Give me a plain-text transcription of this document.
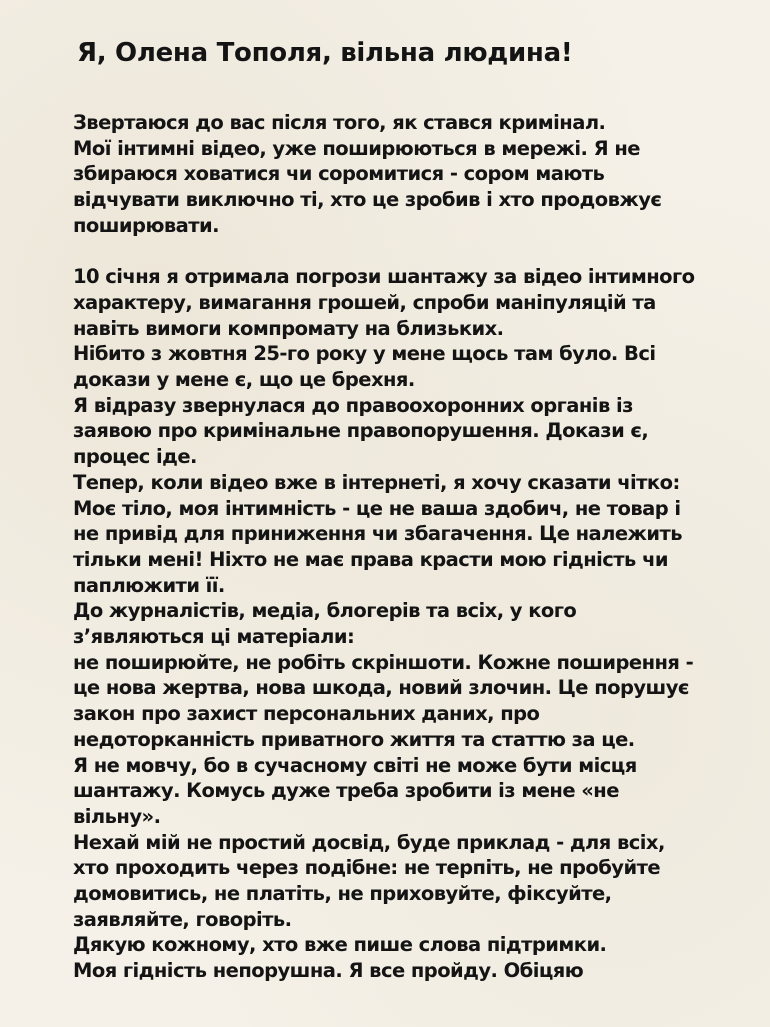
Я, Олена Тополя, вільна людина!
Звертаюся до вас після того, як стався кримінал.
Мої інтимні відео, уже поширюються в мережі. Я не
збираюся ховатися чи соромитися - сором мають
відчувати виключно ті, хто це зробив і хто продовжує
поширювати.
10 січня я отримала погрози шантажу за відео інтимного
характеру, вимагання грошей, спроби маніпуляцій та
навіть вимоги компромату на близьких.
Нібито з жовтня 25-го року у мене щось там було. Всі
докази у мене є, що це брехня.
Я відразу звернулася до правоохоронних органів із
заявою про кримінальне правопорушення. Докази є,
процес іде.
Тепер, коли відео вже в інтернеті, я хочу сказати чітко:
Моє тіло, моя інтимність - це не ваша здобич, не товар і
не привід для приниження чи збагачення. Це належить
тільки мені! Ніхто не має права красти мою гідність чи
паплюжити її.
До журналістів, медіа, блогерів та всіх, у кого
з’являються ці матеріали:
не поширюйте, не робіть скріншоти. Кожне поширення -
це нова жертва, нова шкода, новий злочин. Це порушує
закон про захист персональних даних, про
недоторканність приватного життя та статтю за це.
Я не мовчу, бо в сучасному світі не може бути місця
шантажу. Комусь дуже треба зробити із мене «не
вільну».
Нехай мій не простий досвід, буде приклад - для всіх,
хто проходить через подібне: не терпіть, не пробуйте
домовитись, не платіть, не приховуйте, фіксуйте,
заявляйте, говоріть.
Дякую кожному, хто вже пише слова підтримки.
Моя гідність непорушна. Я все пройду. Обіцяю
